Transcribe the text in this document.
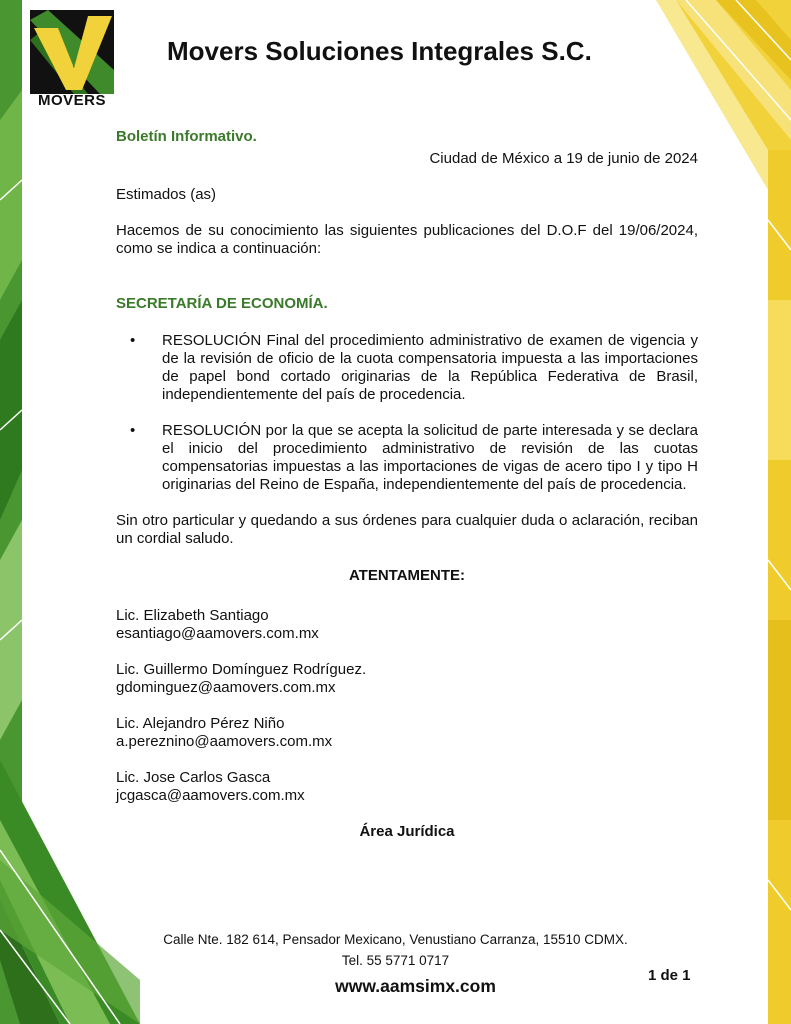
MOVERS
Movers Soluciones Integrales S.C.

Boletín Informativo.

Ciudad de México a 19 de junio de 2024

Estimados (as)

Hacemos de su conocimiento las siguientes publicaciones del D.O.F del 19/06/2024, como se indica a continuación:

SECRETARÍA DE ECONOMÍA.

• RESOLUCIÓN Final del procedimiento administrativo de examen de vigencia y de la revisión de oficio de la cuota compensatoria impuesta a las importaciones de papel bond cortado originarias de la República Federativa de Brasil, independientemente del país de procedencia.
• RESOLUCIÓN por la que se acepta la solicitud de parte interesada y se declara el inicio del procedimiento administrativo de revisión de las cuotas compensatorias impuestas a las importaciones de vigas de acero tipo I y tipo H originarias del Reino de España, independientemente del país de procedencia.

Sin otro particular y quedando a sus órdenes para cualquier duda o aclaración, reciban un cordial saludo.

ATENTAMENTE:

Lic. Elizabeth Santiago

esantiago@aamovers.com.mx

Lic. Guillermo Domínguez Rodríguez.

gdominguez@aamovers.com.mx

Lic. Alejandro Pérez Niño

a.pereznino@aamovers.com.mx

Lic. Jose Carlos Gasca

jcgasca@aamovers.com.mx

Área Jurídica

Calle Nte. 182 614, Pensador Mexicano, Venustiano Carranza, 15510 CDMX.
Tel. 55 5771 0717
1 de 1
www.aamsimx.com
